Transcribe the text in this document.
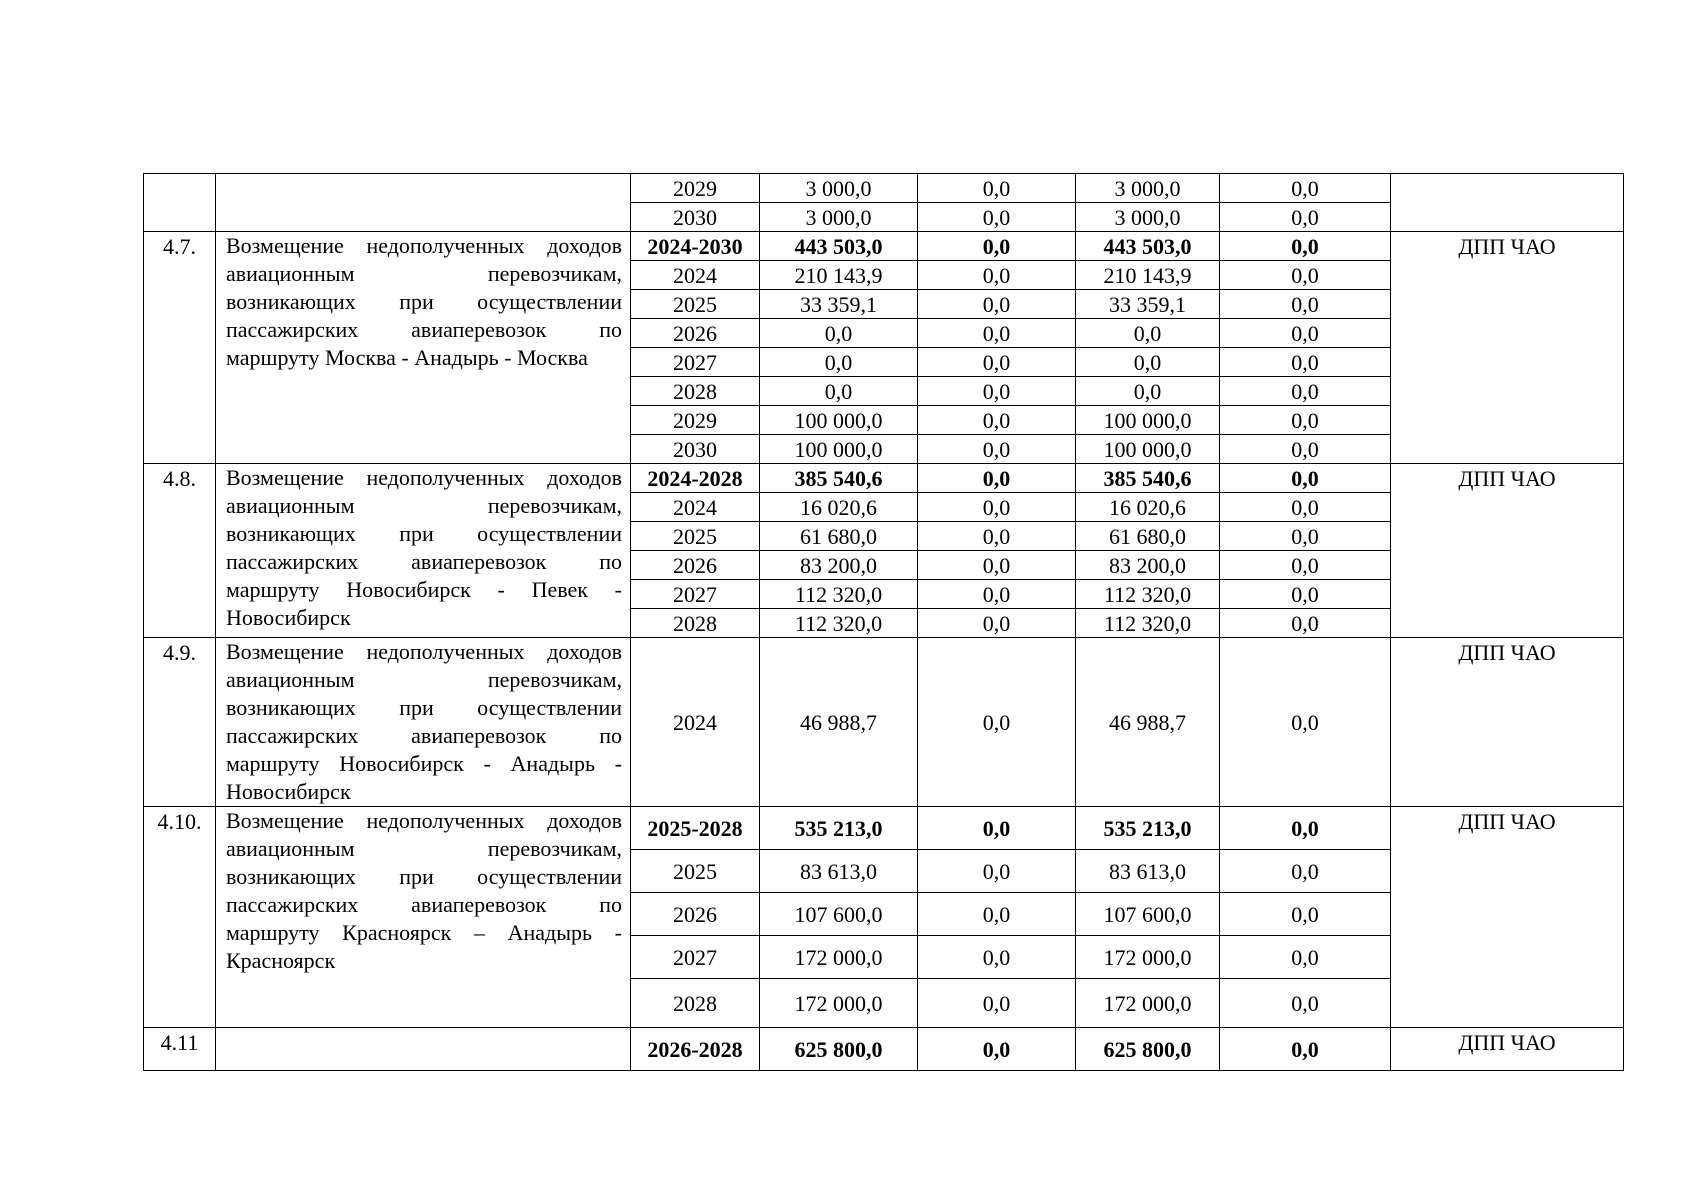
		2029	3 000,0	0,0	3 000,0	0,0	
		2030	3 000,0	0,0	3 000,0	0,0	
4.7.	Возмещение недополученных доходов авиационным перевозчикам, возникающих при осуществлении пассажирских авиаперевозок по маршруту Москва - Анадырь - Москва	2024-2030	443 503,0	0,0	443 503,0	0,0	ДПП ЧАО
		2024	210 143,9	0,0	210 143,9	0,0	
		2025	33 359,1	0,0	33 359,1	0,0	
		2026	0,0	0,0	0,0	0,0	
		2027	0,0	0,0	0,0	0,0	
		2028	0,0	0,0	0,0	0,0	
		2029	100 000,0	0,0	100 000,0	0,0	
		2030	100 000,0	0,0	100 000,0	0,0	
4.8.	Возмещение недополученных доходов авиационным перевозчикам, возникающих при осуществлении пассажирских авиаперевозок по маршруту Новосибирск - Певек - Новосибирск	2024-2028	385 540,6	0,0	385 540,6	0,0	ДПП ЧАО
		2024	16 020,6	0,0	16 020,6	0,0	
		2025	61 680,0	0,0	61 680,0	0,0	
		2026	83 200,0	0,0	83 200,0	0,0	
		2027	112 320,0	0,0	112 320,0	0,0	
		2028	112 320,0	0,0	112 320,0	0,0	
4.9.	Возмещение недополученных доходов авиационным перевозчикам, возникающих при осуществлении пассажирских авиаперевозок по маршруту Новосибирск - Анадырь - Новосибирск	2024	46 988,7	0,0	46 988,7	0,0	ДПП ЧАО
4.10.	Возмещение недополученных доходов авиационным перевозчикам, возникающих при осуществлении пассажирских авиаперевозок по маршруту Красноярск – Анадырь - Красноярск	2025-2028	535 213,0	0,0	535 213,0	0,0	ДПП ЧАО
		2025	83 613,0	0,0	83 613,0	0,0	
		2026	107 600,0	0,0	107 600,0	0,0	
		2027	172 000,0	0,0	172 000,0	0,0	
		2028	172 000,0	0,0	172 000,0	0,0	
4.11		2026-2028	625 800,0	0,0	625 800,0	0,0	ДПП ЧАО
